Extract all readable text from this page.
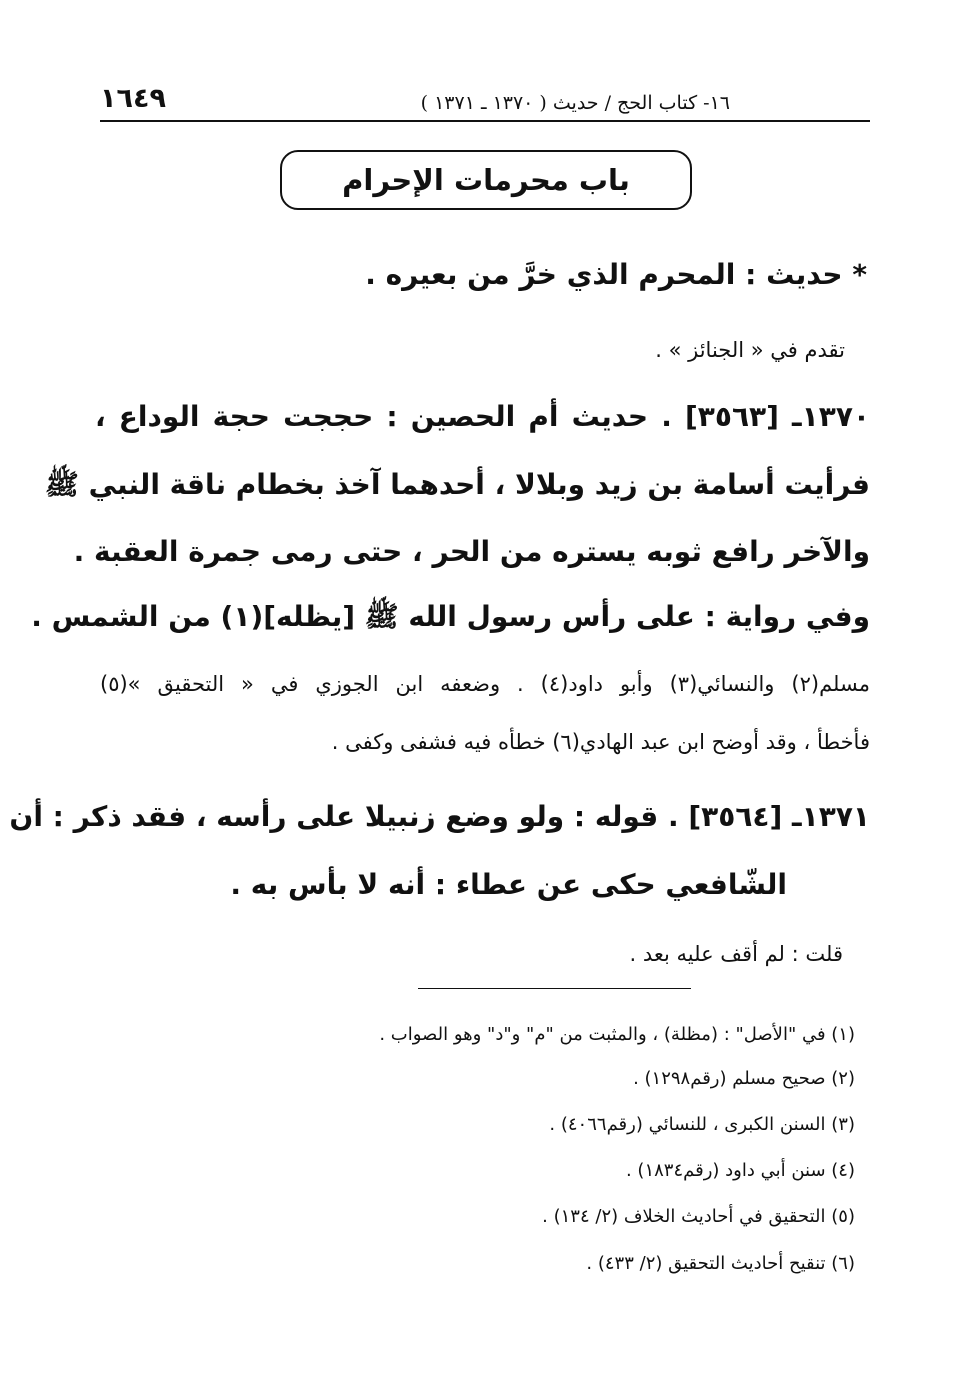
١٦- كتاب الحج / حديث ( ١٣٧٠ ـ ١٣٧١ )
١٦٤٩
باب محرمات الإحرام
* حديث : المحرم الذي خرَّ من بعيره .
تقدم في « الجنائز » .
١٣٧٠ـ [٣٥٦٣] . حديث أم الحصين : حججت حجة الوداع ،
فرأيت أسامة بن زيد وبلالا ، أحدهما آخذ بخطام ناقة النبي ﷺ
والآخر رافع ثوبه يستره من الحر ، حتى رمى جمرة العقبة .
وفي رواية : على رأس رسول الله ﷺ [يظله](١) من الشمس .
مسلم(٢) والنسائي(٣) وأبو داود(٤) . وضعفه ابن الجوزي في « التحقيق »(٥)
فأخطأ ، وقد أوضح ابن عبد الهادي(٦) خطأه فيه فشفى وكفى .
١٣٧١ـ [٣٥٦٤] . قوله : ولو وضع زنبيلا على رأسه ، فقد ذكر : أن
الشّافعي حكى عن عطاء : أنه لا بأس به .
قلت : لم أقف عليه بعد .
(١) في "الأصل" : (مظلة) ، والمثبت من "م" و"د" وهو الصواب .
(٢) صحيح مسلم (رقم١٢٩٨) .
(٣) السنن الكبرى ، للنسائي (رقم٤٠٦٦) .
(٤) سنن أبي داود (رقم١٨٣٤) .
(٥) التحقيق في أحاديث الخلاف (٢/ ١٣٤) .
(٦) تنقيح أحاديث التحقيق (٢/ ٤٣٣) .
